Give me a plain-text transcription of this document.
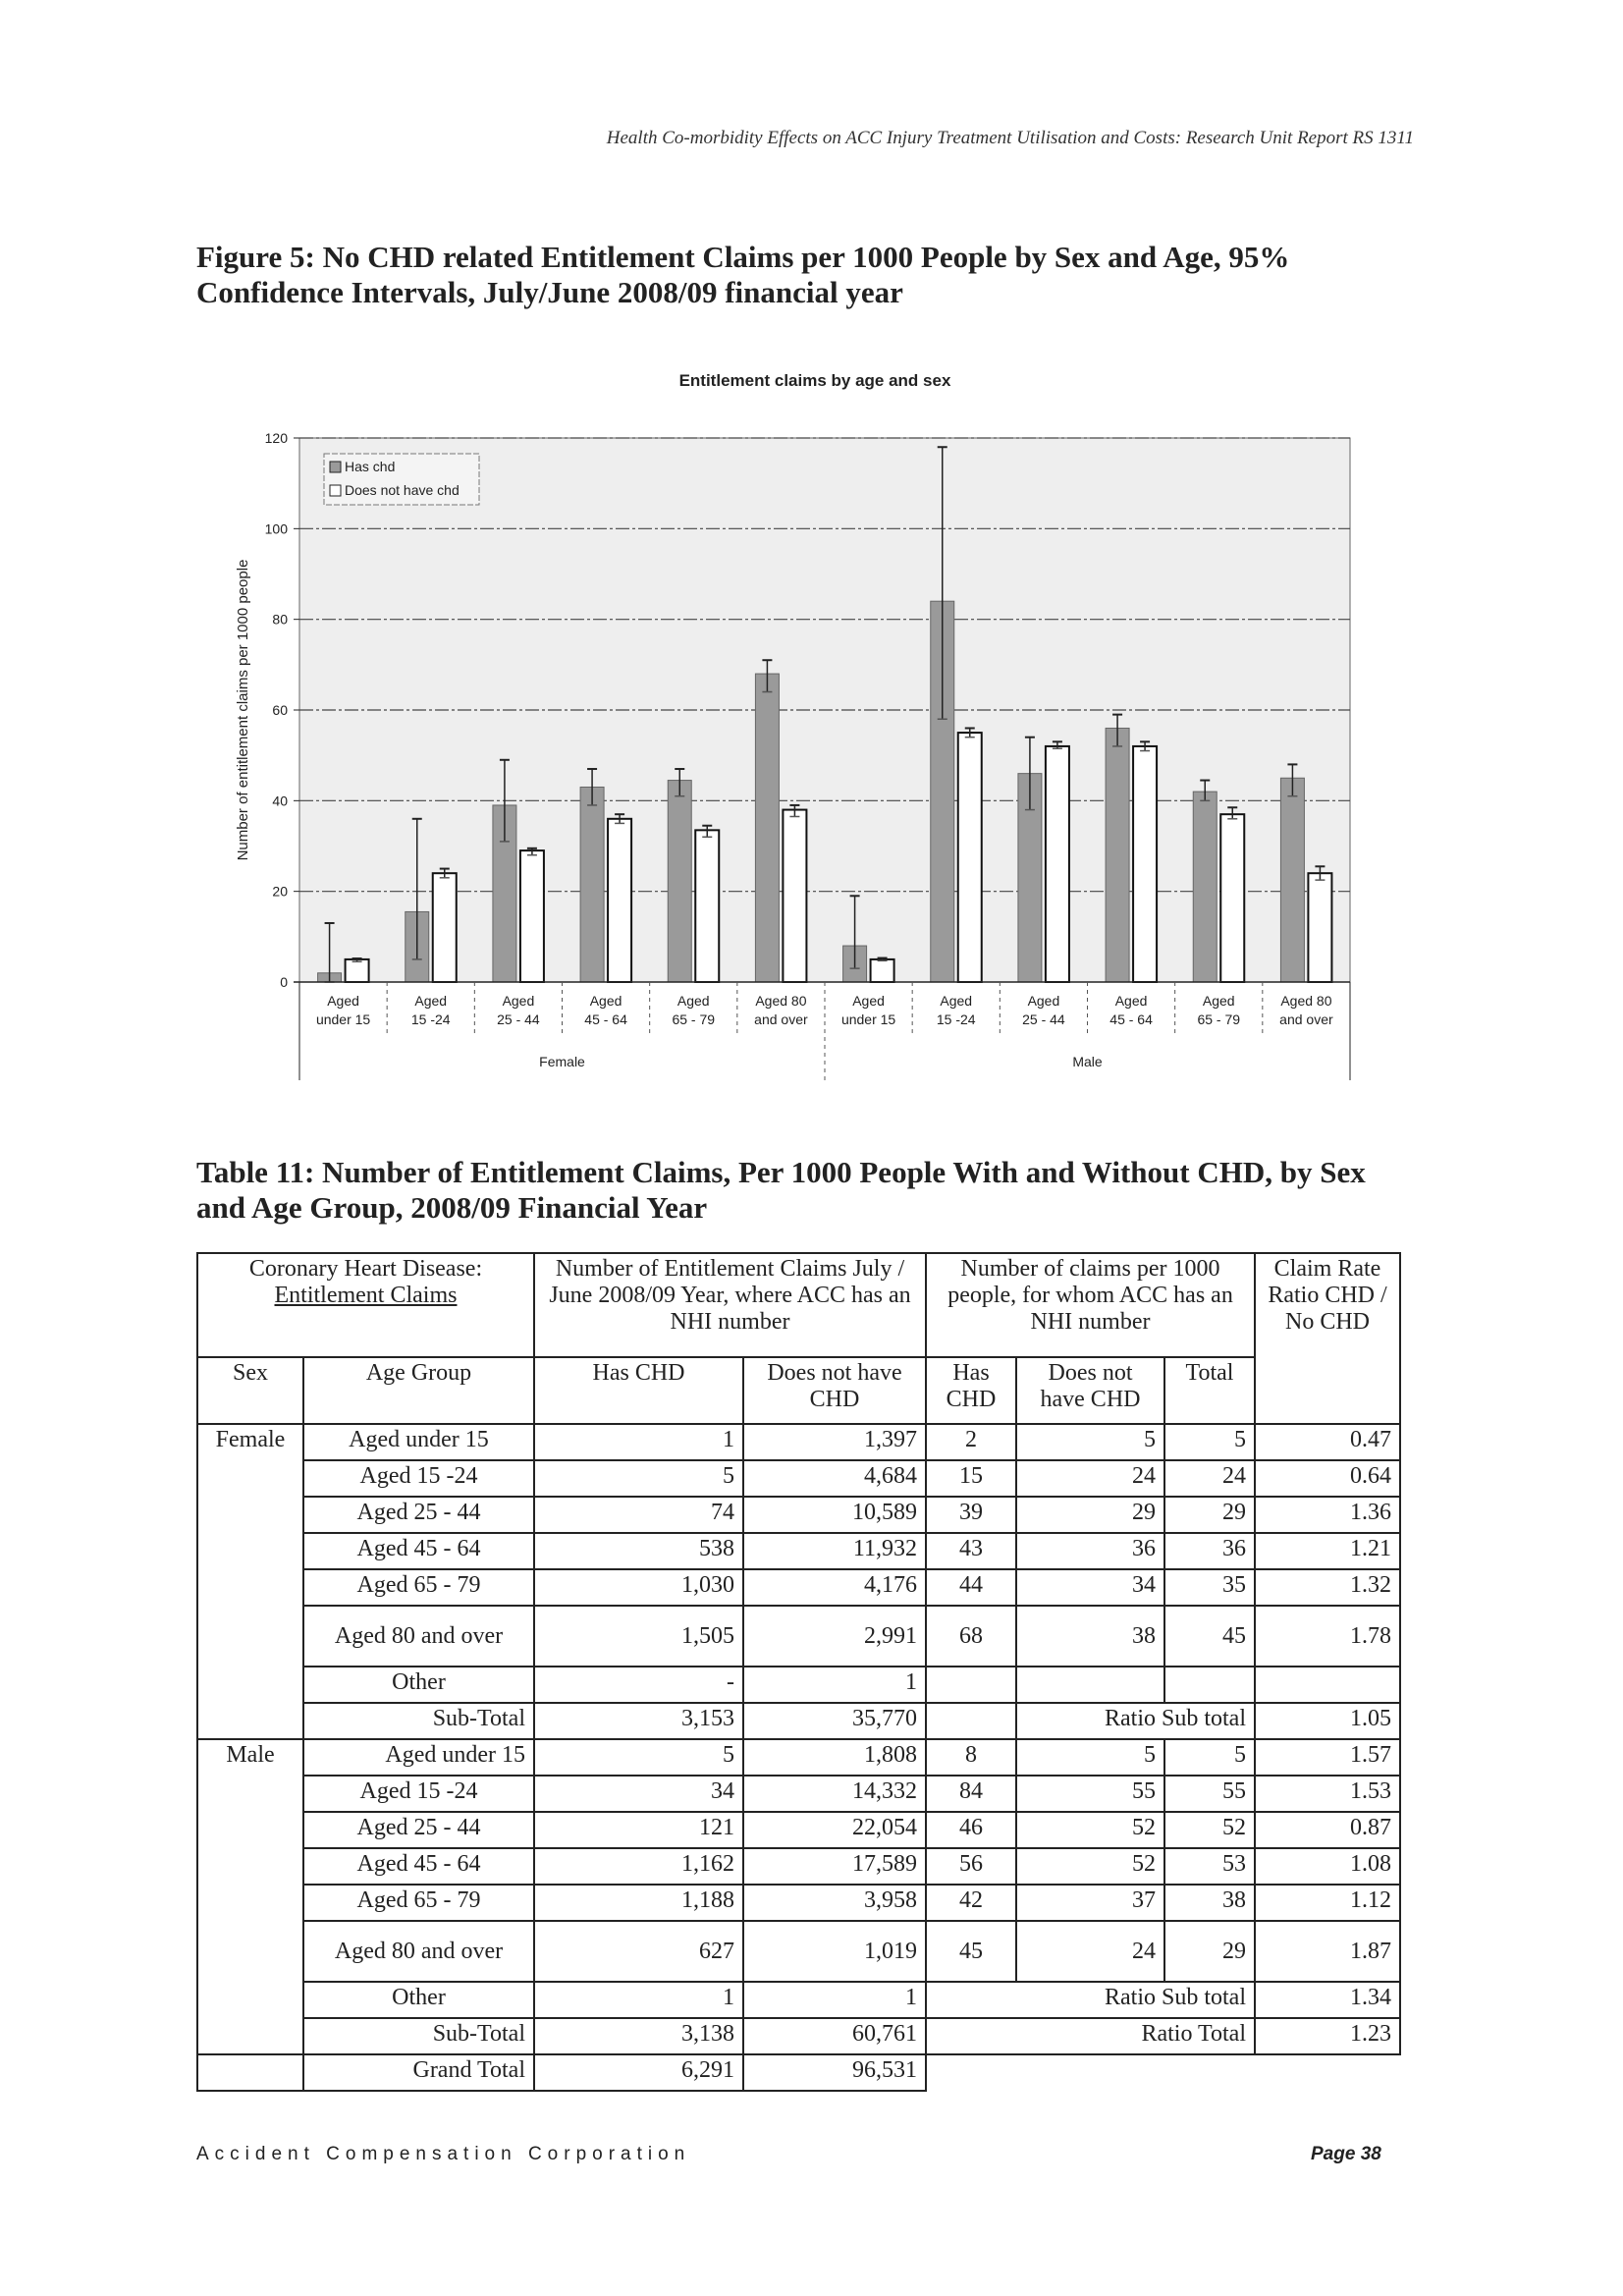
Health Co-morbidity Effects on ACC Injury Treatment Utilisation and Costs: Research Unit Report RS 1311
Figure 5: No CHD related Entitlement Claims per 1000 People by Sex and Age, 95% Confidence Intervals, July/June 2008/09 financial year
Entitlement claims by age and sex
0
20
40
60
80
100
120
Number of entitlement claims per 1000 people
Aged
under 15
Aged
15 -24
Aged
25 - 44
Aged
45 - 64
Aged
65 - 79
Aged 80
and over
Aged
under 15
Aged
15 -24
Aged
25 - 44
Aged
45 - 64
Aged
65 - 79
Aged 80
and over
Female	Male
Has chd
Does not have chd
Table 11: Number of Entitlement Claims, Per 1000 People With and Without CHD, by Sex and Age Group, 2008/09 Financial Year
Coronary Heart Disease:
Entitlement Claims		Number of Entitlement Claims July / June 2008/09 Year, where ACC has an NHI number		Number of claims per 1000 people, for whom ACC has an NHI number			Claim Rate Ratio CHD / No CHD
Sex	Age Group	Has CHD	Does not have CHD	Has CHD	Does not have CHD	Total	
Female	Aged under 15	1	1,397	2	5	5	0.47
	Aged 15 -24	5	4,684	15	24	24	0.64
	Aged 25 - 44	74	10,589	39	29	29	1.36
	Aged 45 - 64	538	11,932	43	36	36	1.21
	Aged 65 - 79	1,030	4,176	44	34	35	1.32
	Aged 80 and over	1,505	2,991	68	38	45	1.78
	Other	-	1				
	Sub-Total	3,153	35,770		Ratio Sub total		1.05
Male	Aged under 15	5	1,808	8	5	5	1.57
	Aged 15 -24	34	14,332	84	55	55	1.53
	Aged 25 - 44	121	22,054	46	52	52	0.87
	Aged 45 - 64	1,162	17,589	56	52	53	1.08
	Aged 65 - 79	1,188	3,958	42	37	38	1.12
	Aged 80 and over	627	1,019	45	24	29	1.87
	Other	1	1	Ratio Sub total			1.34
	Sub-Total	3,138	60,761	Ratio Total			1.23
	Grand Total	6,291	96,531				
Accident Compensation Corporation	Page 38
